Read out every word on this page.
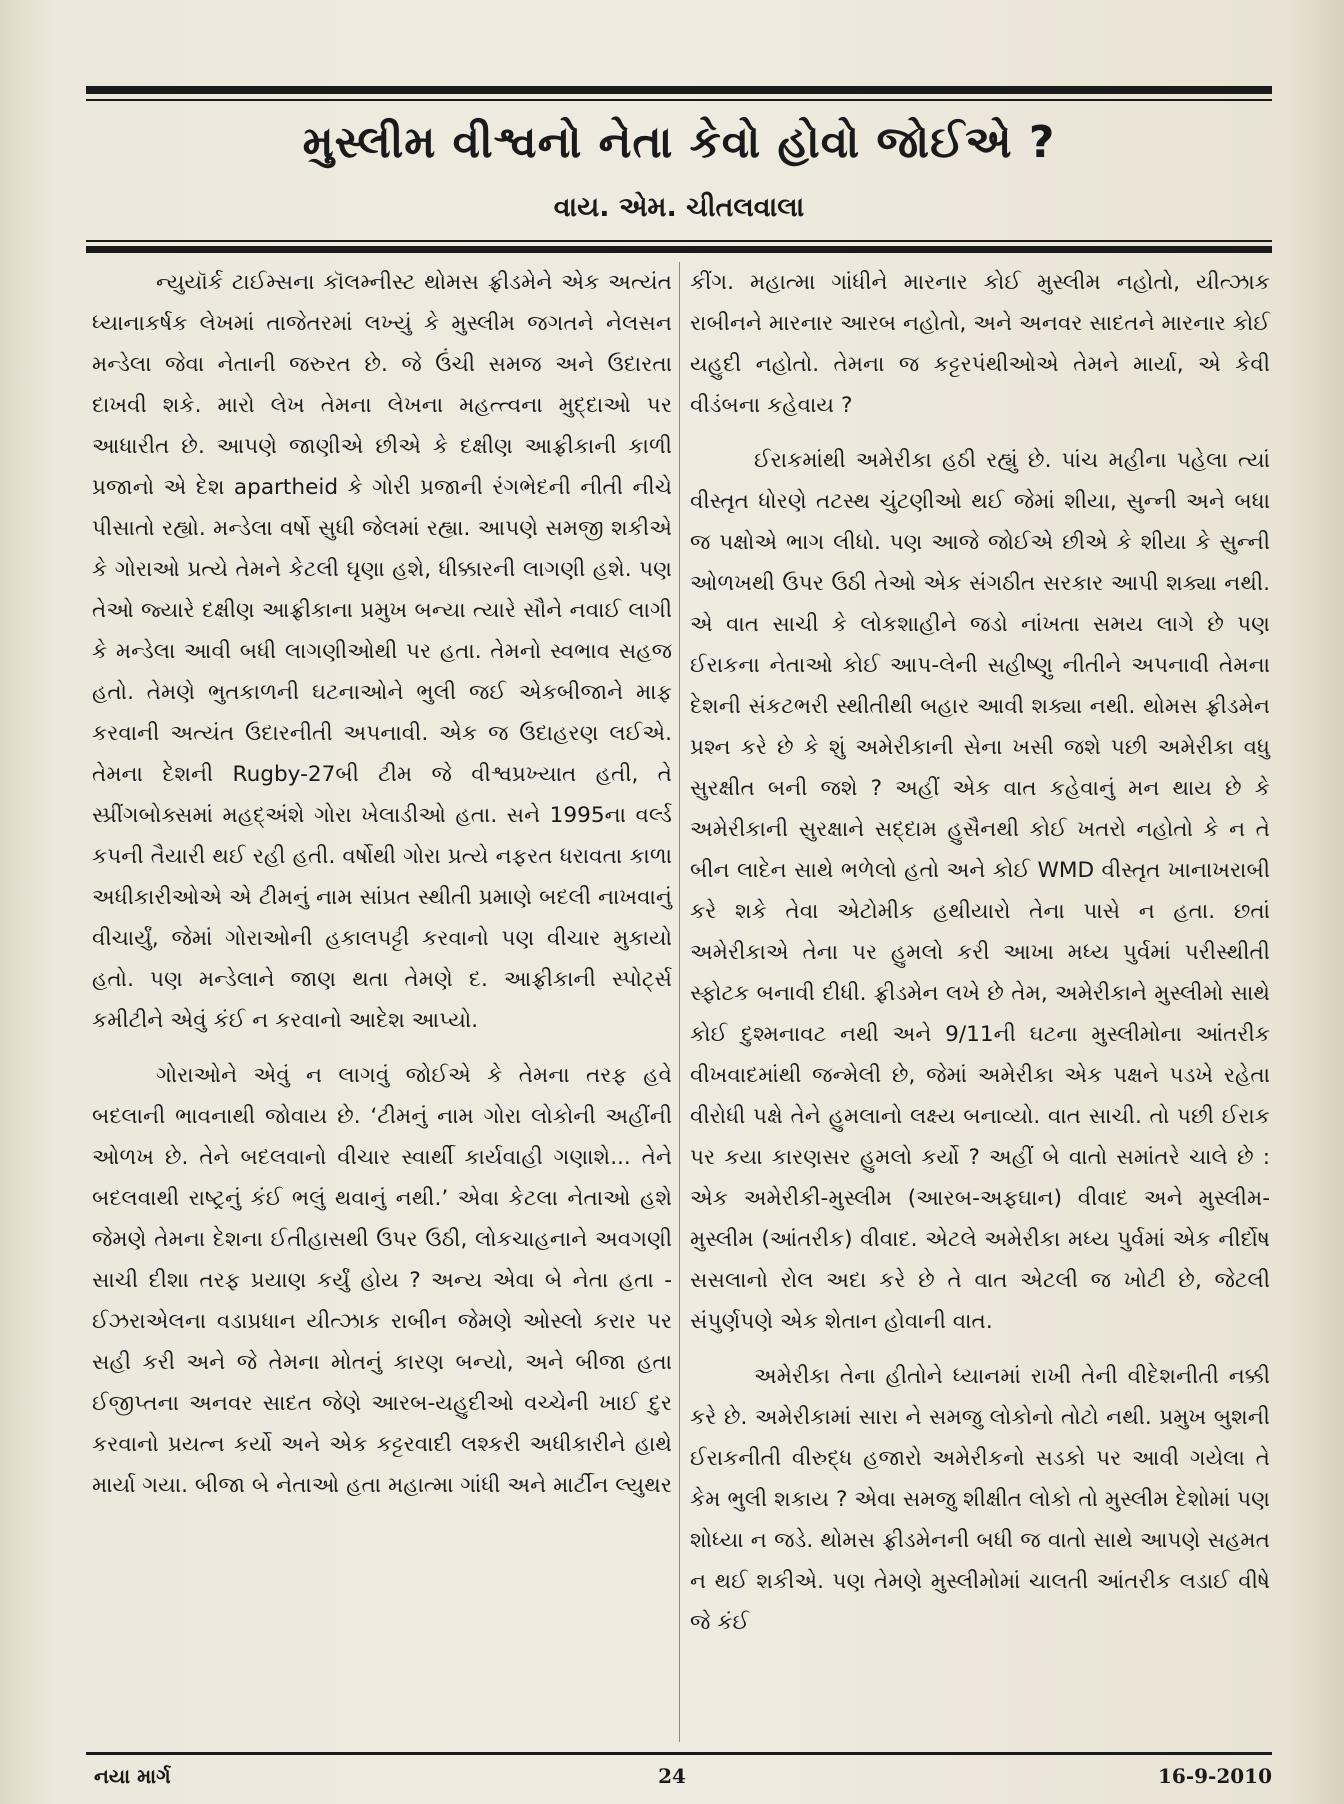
મુસ્લીમ વીશ્વનો નેતા કેવો હોવો જોઈએ ?
વાય. એમ. ચીતલવાલા

ન્યુયૉર્ક ટાઈમ્સના કૉલમ્નીસ્ટ થોમસ ફ્રીડમેને એક અત્યંત ધ્યાનાકર્ષક લેખમાં તાજેતરમાં લખ્યું કે મુસ્લીમ જગતને નેલસન મન્ડેલા જેવા નેતાની જરુરત છે. જે ઉંચી સમજ અને ઉદારતા દાખવી શકે. મારો લેખ તેમના લેખના મહત્ત્વના મુદ્દાઓ પર આધારીત છે. આપણે જાણીએ છીએ કે દક્ષીણ આફ્રીકાની કાળી પ્રજાનો એ દેશ apartheid કે ગોરી પ્રજાની રંગભેદની નીતી નીચે પીસાતો રહ્યો. મન્ડેલા વર્ષો સુધી જેલમાં રહ્યા. આપણે સમજી શકીએ કે ગોરાઓ પ્રત્યે તેમને કેટલી ઘૃણા હશે, ધીક્કારની લાગણી હશે. પણ તેઓ જ્યારે દક્ષીણ આફ્રીકાના પ્રમુખ બન્યા ત્યારે સૌને નવાઈ લાગી કે મન્ડેલા આવી બધી લાગણીઓથી પર હતા. તેમનો સ્વભાવ સહજ હતો. તેમણે ભુતકાળની ઘટનાઓને ભુલી જઈ એકબીજાને માફ કરવાની અત્યંત ઉદારનીતી અપનાવી. એક જ ઉદાહરણ લઈએ. તેમના દેશની Rugby-27બી ટીમ જે વીશ્વપ્રખ્યાત હતી, તે સ્પ્રીંગબોક્સમાં મહદ્અંશે ગોરા ખેલાડીઓ હતા. સને 1995ના વર્લ્ડ કપની તૈયારી થઈ રહી હતી. વર્ષોથી ગોરા પ્રત્યે નફરત ધરાવતા કાળા અધીકારીઓએ એ ટીમનું નામ સાંપ્રત સ્થીતી પ્રમાણે બદલી નાખવાનું વીચાર્યું, જેમાં ગોરાઓની હકાલપટ્ટી કરવાનો પણ વીચાર મુકાયો હતો. પણ મન્ડેલાને જાણ થતા તેમણે દ. આફ્રીકાની સ્પોર્ટ્સ કમીટીને એવું કંઈ ન કરવાનો આદેશ આપ્યો.

ગોરાઓને એવું ન લાગવું જોઈએ કે તેમના તરફ હવે બદલાની ભાવનાથી જોવાય છે. ‘ટીમનું નામ ગોરા લોકોની અહીંની ઓળખ છે. તેને બદલવાનો વીચાર સ્વાર્થી કાર્યવાહી ગણાશે... તેને બદલવાથી રાષ્ટ્રનું કંઈ ભલું થવાનું નથી.’ એવા કેટલા નેતાઓ હશે જેમણે તેમના દેશના ઈતીહાસથી ઉપર ઉઠી, લોકચાહનાને અવગણી સાચી દીશા તરફ પ્રયાણ કર્યું હોય ? અન્ય એવા બે નેતા હતા - ઈઝરાએલના વડાપ્રધાન યીત્ઝાક રાબીન જેમણે ઓસ્લો કરાર પર સહી કરી અને જે તેમના મોતનું કારણ બન્યો, અને બીજા હતા ઈજીપ્તના અનવર સાદત જેણે આરબ-યહુદીઓ વચ્ચેની ખાઈ દુર કરવાનો પ્રયત્ન કર્યો અને એક કટ્ટરવાદી લશ્કરી અધીકારીને હાથે માર્યા ગયા. બીજા બે નેતાઓ હતા મહાત્મા ગાંધી અને માર્ટીન લ્યુથર

કીંગ. મહાત્મા ગાંધીને મારનાર કોઈ મુસ્લીમ નહોતો, યીત્ઝાક રાબીનને મારનાર આરબ નહોતો, અને અનવર સાદતને મારનાર કોઈ યહુદી નહોતો. તેમના જ કટ્ટરપંથીઓએ તેમને માર્યા, એ કેવી વીડંબના કહેવાય ?

ઈરાકમાંથી અમેરીકા હઠી રહ્યું છે. પાંચ મહીના પહેલા ત્યાં વીસ્તૃત ધોરણે તટસ્થ ચુંટણીઓ થઈ જેમાં શીયા, સુન્ની અને બધા જ પક્ષોએ ભાગ લીધો. પણ આજે જોઈએ છીએ કે શીયા કે સુન્ની ઓળખથી ઉપર ઉઠી તેઓ એક સંગઠીત સરકાર આપી શક્યા નથી. એ વાત સાચી કે લોકશાહીને જડો નાંખતા સમય લાગે છે પણ ઈરાકના નેતાઓ કોઈ આપ-લેની સહીષ્ણુ નીતીને અપનાવી તેમના દેશની સંકટભરી સ્થીતીથી બહાર આવી શક્યા નથી. થોમસ ફ્રીડમેન પ્રશ્ન કરે છે કે શું અમેરીકાની સેના ખસી જશે પછી અમેરીકા વધુ સુરક્ષીત બની જશે ? અહીં એક વાત કહેવાનું મન થાય છે કે અમેરીકાની સુરક્ષાને સદ્દામ હુસૈનથી કોઈ ખતરો નહોતો કે ન તે બીન લાદેન સાથે ભળેલો હતો અને કોઈ WMD વીસ્તૃત ખાનાખરાબી કરે શકે તેવા એટોમીક હથીયારો તેના પાસે ન હતા. છતાં અમેરીકાએ તેના પર હુમલો કરી આખા મધ્ય પુર્વમાં પરીસ્થીતી સ્ફોટક બનાવી દીધી. ફ્રીડમેન લખે છે તેમ, અમેરીકાને મુસ્લીમો સાથે કોઈ દુશ્મનાવટ નથી અને 9/11ની ઘટના મુસ્લીમોના આંતરીક વીખવાદમાંથી જન્મેલી છે, જેમાં અમેરીકા એક પક્ષને પડખે રહેતા વીરોધી પક્ષે તેને હુમલાનો લક્ષ્ય બનાવ્યો. વાત સાચી. તો પછી ઈરાક પર કયા કારણસર હુમલો કર્યો ? અહીં બે વાતો સમાંતરે ચાલે છે : એક અમેરીકી-મુસ્લીમ (આરબ-અફઘાન) વીવાદ અને મુસ્લીમ-મુસ્લીમ (આંતરીક) વીવાદ. એટલે અમેરીકા મધ્ય પુર્વમાં એક નીર્દોષ સસલાનો રોલ અદા કરે છે તે વાત એટલી જ ખોટી છે, જેટલી સંપુર્ણપણે એક શેતાન હોવાની વાત.

અમેરીકા તેના હીતોને ધ્યાનમાં રાખી તેની વીદેશનીતી નક્કી કરે છે. અમેરીકામાં સારા ને સમજુ લોકોનો તોટો નથી. પ્રમુખ બુશની ઈરાકનીતી વીરુદ્ધ હજારો અમેરીકનો સડકો પર આવી ગયેલા તે કેમ ભુલી શકાય ? એવા સમજુ શીક્ષીત લોકો તો મુસ્લીમ દેશોમાં પણ શોધ્યા ન જડે. થોમસ ફ્રીડમેનની બધી જ વાતો સાથે આપણે સહમત ન થઈ શકીએ. પણ તેમણે મુસ્લીમોમાં ચાલતી આંતરીક લડાઈ વીષે જે કંઈ

નયા માર્ગ	24	16-9-2010
